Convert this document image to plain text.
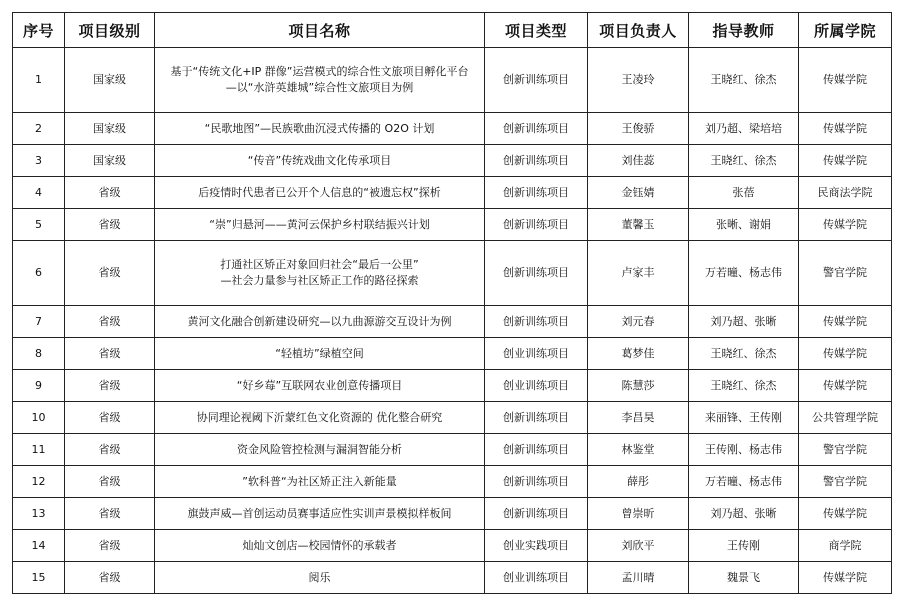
序号	项目级别	项目名称	项目类型	项目负责人	指导教师	所属学院
1	国家级	基于“传统文化+IP 群像”运营模式的综合性文旅项目孵化平台
—以“水浒英雄城”综合性文旅项目为例	创新训练项目	王凌玲	王晓红、徐杰	传媒学院
2	国家级	“民歌地图”—民族歌曲沉浸式传播的 O2O 计划	创新训练项目	王俊骄	刘乃超、梁培培	传媒学院
3	国家级	“传音”传统戏曲文化传承项目	创新训练项目	刘佳蕊	王晓红、徐杰	传媒学院
4	省级	后疫情时代患者已公开个人信息的“被遗忘权”探析	创新训练项目	金钰婧	张蓓	民商法学院
5	省级	“崇”归悬河——黄河云保护乡村联结振兴计划	创新训练项目	董馨玉	张晰、谢娟	传媒学院
6	省级	打通社区矫正对象回归社会“最后一公里”
—社会力量参与社区矫正工作的路径探索	创新训练项目	卢家丰	万若曈、杨志伟	警官学院
7	省级	黄河文化融合创新建设研究—以九曲源游交互设计为例	创新训练项目	刘元春	刘乃超、张晰	传媒学院
8	省级	“轻植坊”绿植空间	创业训练项目	葛梦佳	王晓红、徐杰	传媒学院
9	省级	“好乡莓”互联网农业创意传播项目	创业训练项目	陈慧莎	王晓红、徐杰	传媒学院
10	省级	协同理论视阈下沂蒙红色文化资源的 优化整合研究	创新训练项目	李昌昊	来丽锋、王传刚	公共管理学院
11	省级	资金风险管控检测与漏洞智能分析	创新训练项目	林鉴堂	王传刚、杨志伟	警官学院
12	省级	”软科普“为社区矫正注入新能量	创新训练项目	薛彤	万若曈、杨志伟	警官学院
13	省级	旗鼓声威—首创运动员赛事适应性实训声景模拟样板间	创新训练项目	曾崇昕	刘乃超、张晰	传媒学院
14	省级	灿灿文创店—校园情怀的承载者	创业实践项目	刘欣平	王传刚	商学院
15	省级	阅乐	创业训练项目	孟川晴	魏景飞	传媒学院
